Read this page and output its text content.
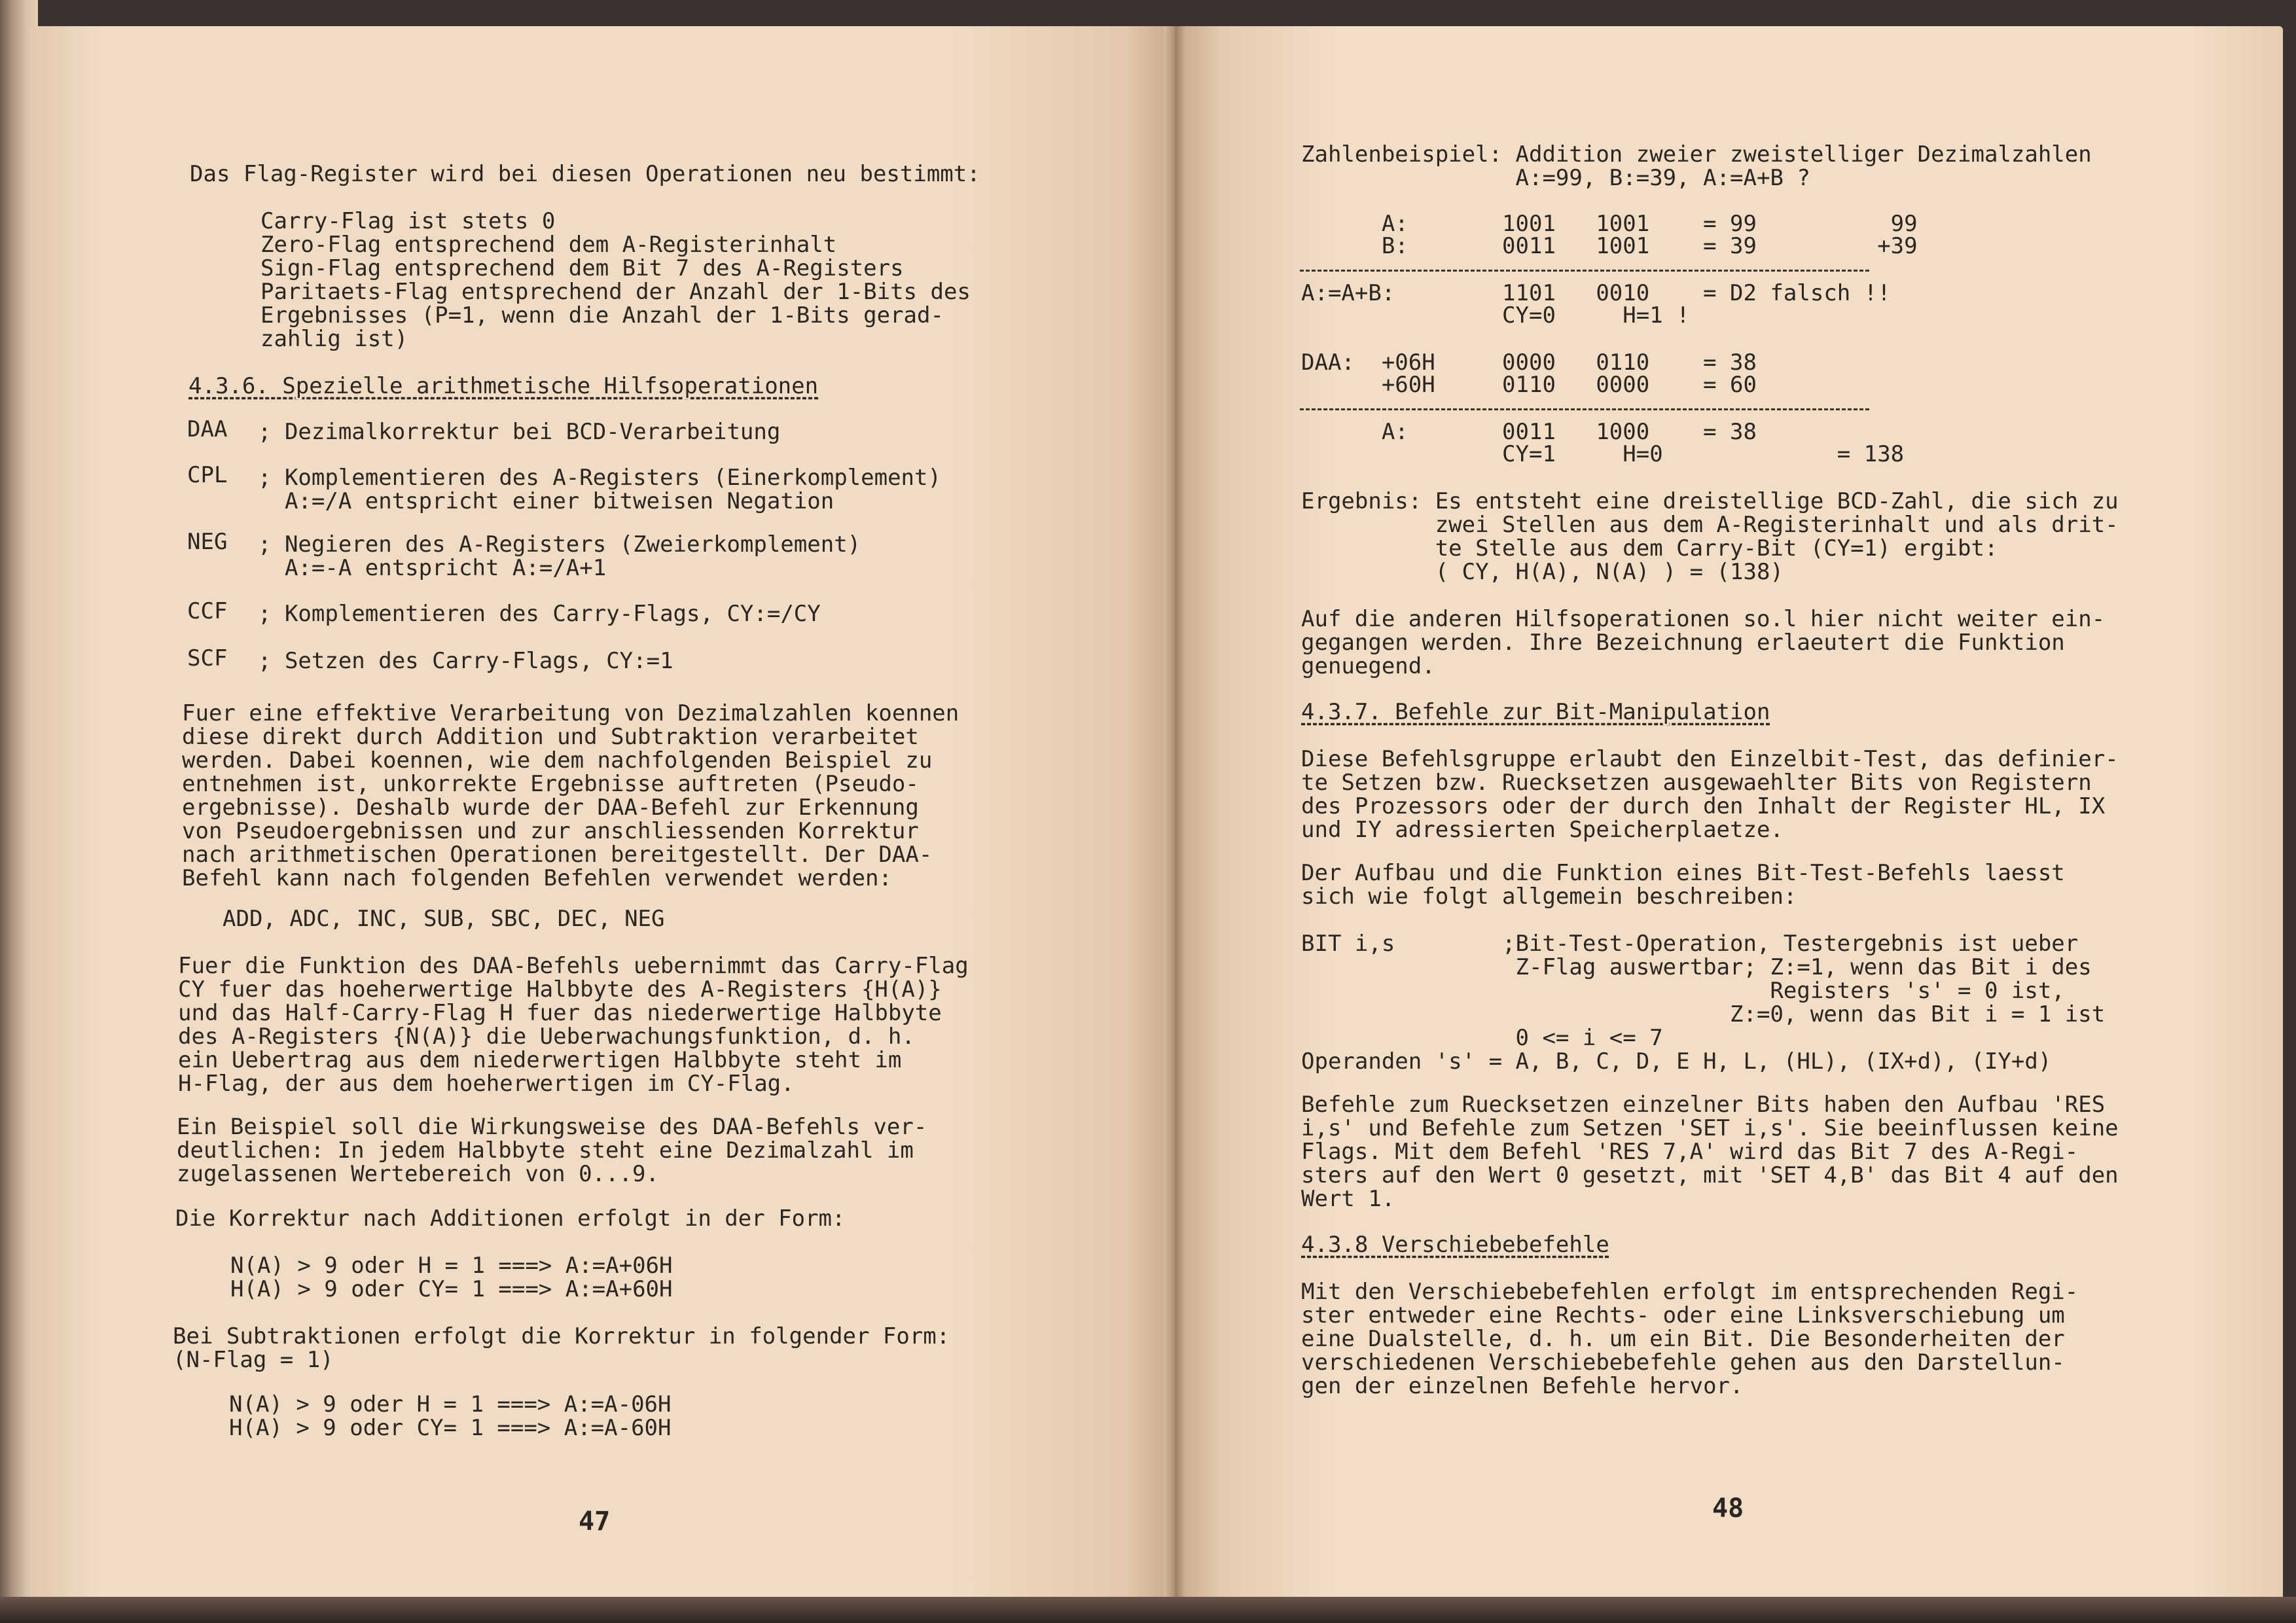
Das Flag-Register wird bei diesen Operationen neu bestimmt:
Carry-Flag ist stets 0
Zero-Flag entsprechend dem A-Registerinhalt
Sign-Flag entsprechend dem Bit 7 des A-Registers
Paritaets-Flag entsprechend der Anzahl der 1-Bits des
Ergebnisses (P=1, wenn die Anzahl der 1-Bits gerad-
zahlig ist)
4.3.6. Spezielle arithmetische Hilfsoperationen
DAA ; Dezimalkorrektur bei BCD-Verarbeitung
CPL ; Komplementieren des A-Registers (Einerkomplement)
A:=/A entspricht einer bitweisen Negation
NEG ; Negieren des A-Registers (Zweierkomplement)
A:=-A entspricht A:=/A+1
CCF ; Komplementieren des Carry-Flags, CY:=/CY
SCF ; Setzen des Carry-Flags, CY:=1
Fuer eine effektive Verarbeitung von Dezimalzahlen koennen
diese direkt durch Addition und Subtraktion verarbeitet
werden. Dabei koennen, wie dem nachfolgenden Beispiel zu
entnehmen ist, unkorrekte Ergebnisse auftreten (Pseudo-
ergebnisse). Deshalb wurde der DAA-Befehl zur Erkennung
von Pseudoergebnissen und zur anschliessenden Korrektur
nach arithmetischen Operationen bereitgestellt. Der DAA-
Befehl kann nach folgenden Befehlen verwendet werden:
ADD, ADC, INC, SUB, SBC, DEC, NEG
Fuer die Funktion des DAA-Befehls uebernimmt das Carry-Flag
CY fuer das hoeherwertige Halbbyte des A-Registers {H(A)}
und das Half-Carry-Flag H fuer das niederwertige Halbbyte
des A-Registers {N(A)} die Ueberwachungsfunktion, d. h.
ein Uebertrag aus dem niederwertigen Halbbyte steht im
H-Flag, der aus dem hoeherwertigen im CY-Flag.
Ein Beispiel soll die Wirkungsweise des DAA-Befehls ver-
deutlichen: In jedem Halbbyte steht eine Dezimalzahl im
zugelassenen Wertebereich von 0...9.
Die Korrektur nach Additionen erfolgt in der Form:
N(A) > 9 oder H = 1 ===> A:=A+06H
H(A) > 9 oder CY= 1 ===> A:=A+60H
Bei Subtraktionen erfolgt die Korrektur in folgender Form:
(N-Flag = 1)
N(A) > 9 oder H = 1 ===> A:=A-06H
H(A) > 9 oder CY= 1 ===> A:=A-60H
47
Zahlenbeispiel: Addition zweier zweistelliger Dezimalzahlen
A:=99, B:=39, A:=A+B ?
A:       1001   1001    = 99          99
B:       0011   1001    = 39         +39
A:=A+B:        1101   0010    = D2 falsch !!
CY=0     H=1 !
DAA:  +06H     0000   0110    = 38
+60H     0110   0000    = 60
A:       0011   1000    = 38
CY=1     H=0             = 138
Ergebnis: Es entsteht eine dreistellige BCD-Zahl, die sich zu
zwei Stellen aus dem A-Registerinhalt und als drit-
te Stelle aus dem Carry-Bit (CY=1) ergibt:
( CY, H(A), N(A) ) = (138)
Auf die anderen Hilfsoperationen so.l hier nicht weiter ein-
gegangen werden. Ihre Bezeichnung erlaeutert die Funktion
genuegend.
4.3.7. Befehle zur Bit-Manipulation
Diese Befehlsgruppe erlaubt den Einzelbit-Test, das definier-
te Setzen bzw. Ruecksetzen ausgewaehlter Bits von Registern
des Prozessors oder der durch den Inhalt der Register HL, IX
und IY adressierten Speicherplaetze.
Der Aufbau und die Funktion eines Bit-Test-Befehls laesst
sich wie folgt allgemein beschreiben:
BIT i,s        ;Bit-Test-Operation, Testergebnis ist ueber
Z-Flag auswertbar; Z:=1, wenn das Bit i des
Registers 's' = 0 ist,
Z:=0, wenn das Bit i = 1 ist
0 <= i <= 7
Operanden 's' = A, B, C, D, E H, L, (HL), (IX+d), (IY+d)
Befehle zum Ruecksetzen einzelner Bits haben den Aufbau 'RES
i,s' und Befehle zum Setzen 'SET i,s'. Sie beeinflussen keine
Flags. Mit dem Befehl 'RES 7,A' wird das Bit 7 des A-Regi-
sters auf den Wert 0 gesetzt, mit 'SET 4,B' das Bit 4 auf den
Wert 1.
4.3.8 Verschiebebefehle
Mit den Verschiebebefehlen erfolgt im entsprechenden Regi-
ster entweder eine Rechts- oder eine Linksverschiebung um
eine Dualstelle, d. h. um ein Bit. Die Besonderheiten der
verschiedenen Verschiebebefehle gehen aus den Darstellun-
gen der einzelnen Befehle hervor.
48
